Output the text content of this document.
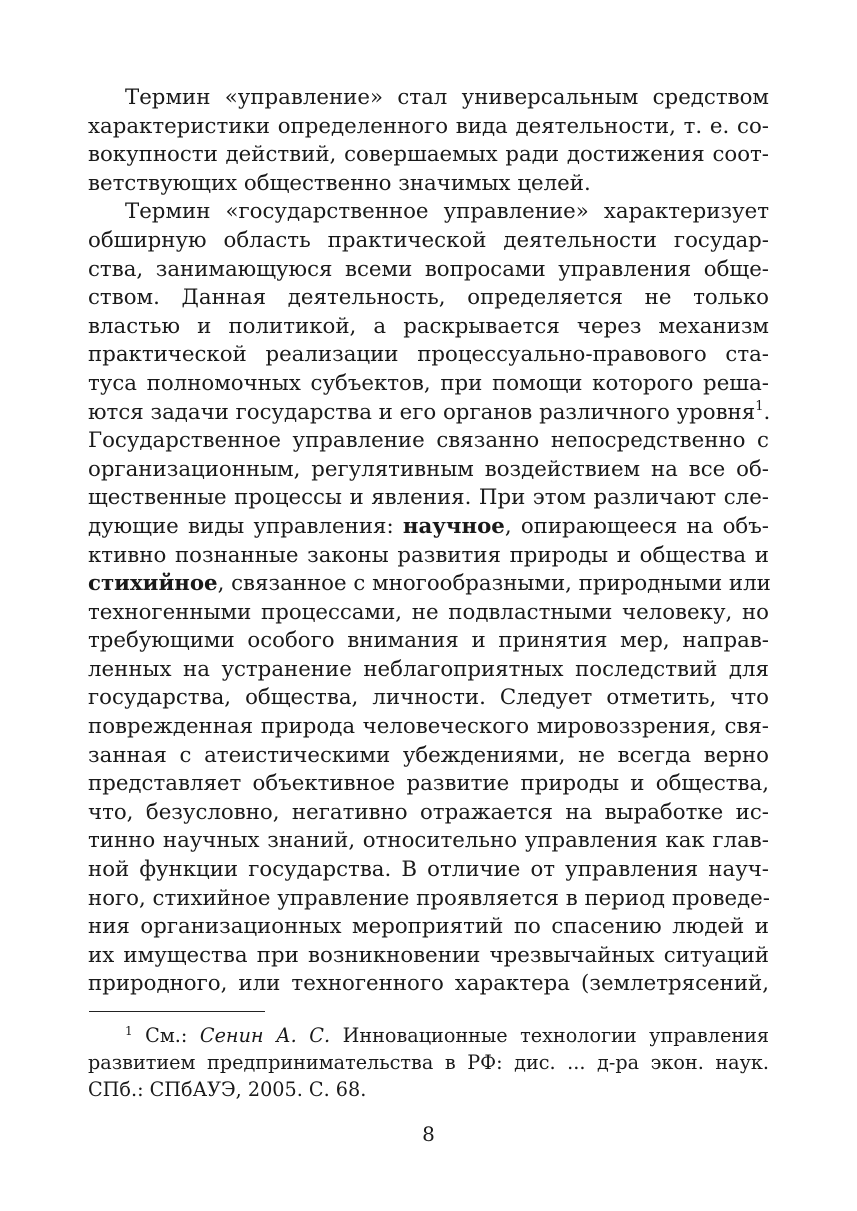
Термин «управление» стал универсальным средством
характеристики определенного вида деятельности, т. е. со-
вокупности действий, совершаемых ради достижения соот-
ветствующих общественно значимых целей.
Термин «государственное управление» характеризует
обширную область практической деятельности государ-
ства, занимающуюся всеми вопросами управления обще-
ством. Данная деятельность, определяется не только
властью и политикой, а раскрывается через механизм
практической реализации процессуально-правового ста-
туса полномочных субъектов, при помощи которого реша-
ются задачи государства и его органов различного уровня$^1$.
Государственное управление связанно непосредственно с
организационным, регулятивным воздействием на все об-
щественные процессы и явления. При этом различают сле-
дующие виды управления: научное, опирающееся на объ-
ктивно познанные законы развития природы и общества и
стихийное, связанное с многообразными, природными или
техногенными процессами, не подвластными человеку, но
требующими особого внимания и принятия мер, направ-
ленных на устранение неблагоприятных последствий для
государства, общества, личности. Следует отметить, что
поврежденная природа человеческого мировоззрения, свя-
занная с атеистическими убеждениями, не всегда верно
представляет объективное развитие природы и общества,
что, безусловно, негативно отражается на выработке ис-
тинно научных знаний, относительно управления как глав-
ной функции государства. В отличие от управления науч-
ного, стихийное управление проявляется в период проведе-
ния организационных мероприятий по спасению людей и
их имущества при возникновении чрезвычайных ситуаций
природного, или техногенного характера (землетрясений,
$^1$ См.: Сенин А. С. Инновационные технологии управления
развитием предпринимательства в РФ: дис. ... д-ра экон. наук.
СПб.: СПбАУЭ, 2005. С. 68.
8
